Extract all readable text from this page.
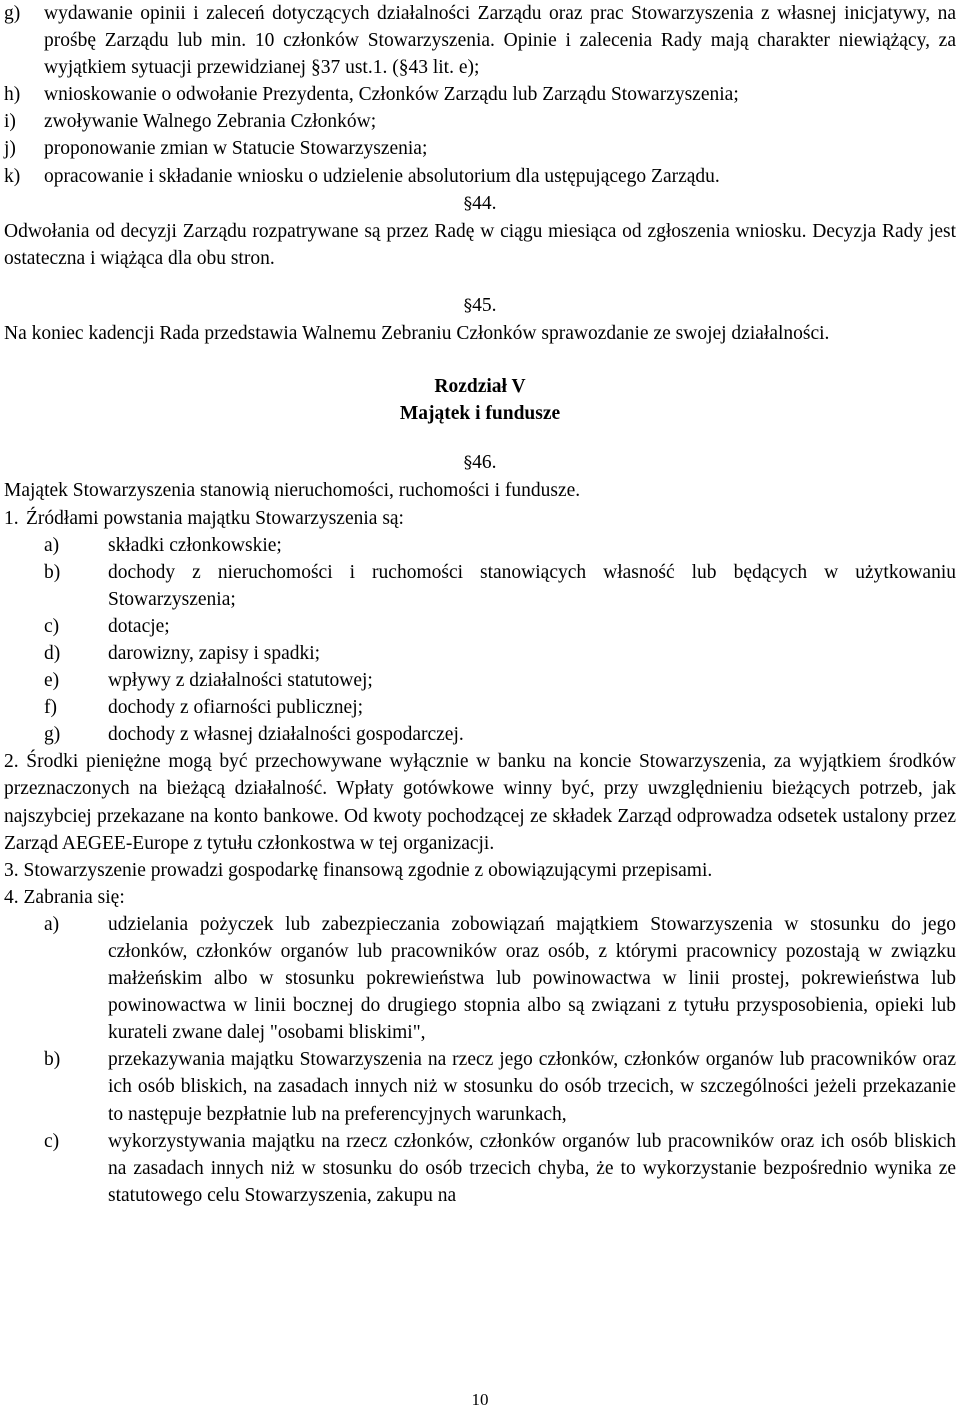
g)	wydawanie opinii i zaleceń dotyczących działalności Zarządu oraz prac Stowarzyszenia z własnej inicjatywy, na prośbę Zarządu lub min. 10 członków Stowarzyszenia. Opinie i zalecenia Rady mają charakter niewiążący, za wyjątkiem sytuacji przewidzianej §37 ust.1. (§43 lit. e);
h)	wnioskowanie o odwołanie Prezydenta, Członków Zarządu lub Zarządu Stowarzyszenia;
i)	zwoływanie Walnego Zebrania Członków;
j)	proponowanie zmian w Statucie Stowarzyszenia;
k)	opracowanie i składanie wniosku o udzielenie absolutorium dla ustępującego Zarządu.
§44.

Odwołania od decyzji Zarządu rozpatrywane są przez Radę w ciągu miesiąca od zgłoszenia wniosku. Decyzja Rady jest ostateczna i wiążąca dla obu stron.

§45.

Na koniec kadencji Rada przedstawia Walnemu Zebraniu Członków sprawozdanie ze swojej działalności.

Rozdział V
Majątek i fundusze
§46.

Majątek Stowarzyszenia stanowią nieruchomości, ruchomości i fundusze.

1. Źródłami powstania majątku Stowarzyszenia są:
a)	składki członkowskie;
b)	dochody z nieruchomości i ruchomości stanowiących własność lub będących w użytkowaniu Stowarzyszenia;
c)	dotacje;
d)	darowizny, zapisy i spadki;
e)	wpływy z działalności statutowej;
f)	dochody z ofiarności publicznej;
g)	dochody z własnej działalności gospodarczej.

2. Środki pieniężne mogą być przechowywane wyłącznie w banku na koncie Stowarzyszenia, za wyjątkiem środków przeznaczonych na bieżącą działalność. Wpłaty gotówkowe winny być, przy uwzględnieniu bieżących potrzeb, jak najszybciej przekazane na konto bankowe. Od kwoty pochodzącej ze składek Zarząd odprowadza odsetek ustalony przez Zarząd AEGEE-Europe z tytułu członkostwa w tej organizacji.

3. Stowarzyszenie prowadzi gospodarkę finansową zgodnie z obowiązującymi przepisami.

4. Zabrania się:

a)	udzielania pożyczek lub zabezpieczania zobowiązań majątkiem Stowarzyszenia w stosunku do jego członków, członków organów lub pracowników oraz osób, z którymi pracownicy pozostają w związku małżeńskim albo w stosunku pokrewieństwa lub powinowactwa w linii prostej, pokrewieństwa lub powinowactwa w linii bocznej do drugiego stopnia albo są związani z tytułu przysposobienia, opieki lub kurateli zwane dalej "osobami bliskimi",
b)	przekazywania majątku Stowarzyszenia na rzecz jego członków, członków organów lub pracowników oraz ich osób bliskich, na zasadach innych niż w stosunku do osób trzecich, w szczególności jeżeli przekazanie to następuje bezpłatnie lub na preferencyjnych warunkach,
c)	wykorzystywania majątku na rzecz członków, członków organów lub pracowników oraz ich osób bliskich na zasadach innych niż w stosunku do osób trzecich chyba, że to wykorzystanie bezpośrednio wynika ze statutowego celu Stowarzyszenia, zakupu na
10
